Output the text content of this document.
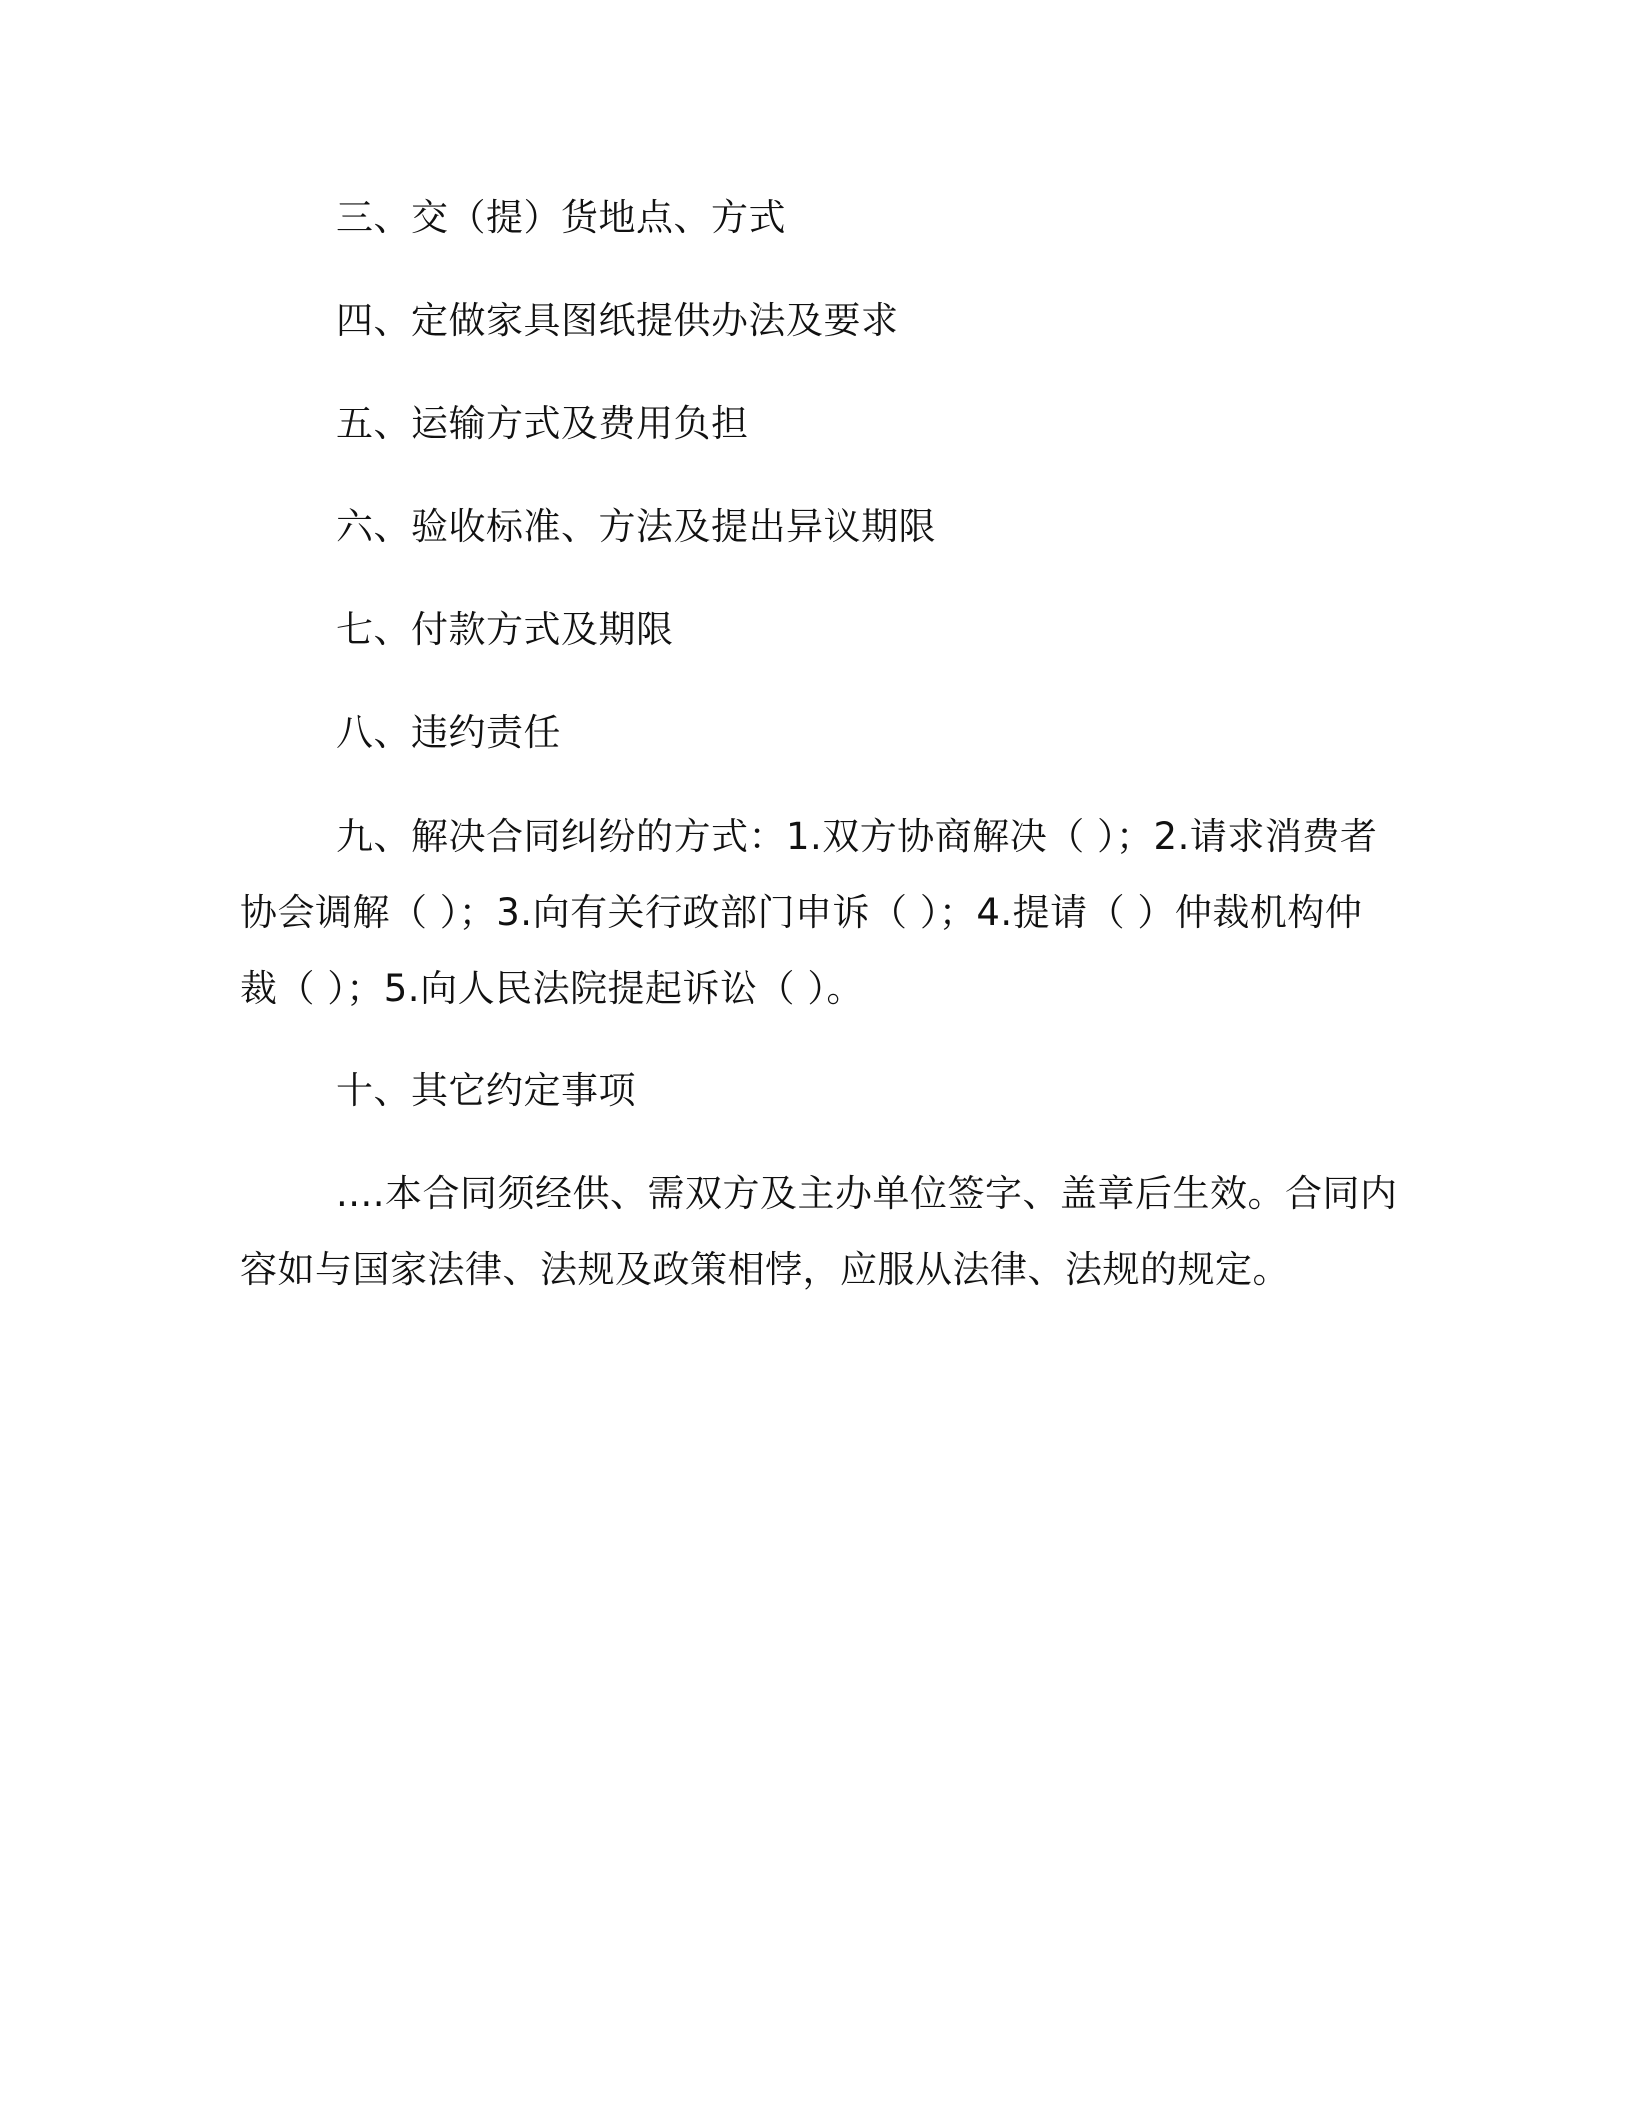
三、交（提）货地点、方式
四、定做家具图纸提供办法及要求
五、运输方式及费用负担
六、验收标准、方法及提出异议期限
七、付款方式及期限
八、违约责任
九、解决合同纠纷的方式：1.双方协商解决（ ）；2.请求消费者
协会调解（ ）；3.向有关行政部门申诉（ ）；4.提请（ ）仲裁机构仲
裁（ ）；5.向人民法院提起诉讼（ ）。
十、其它约定事项
....本合同须经供、需双方及主办单位签字、盖章后生效。合同内
容如与国家法律、法规及政策相悖，应服从法律、法规的规定。
